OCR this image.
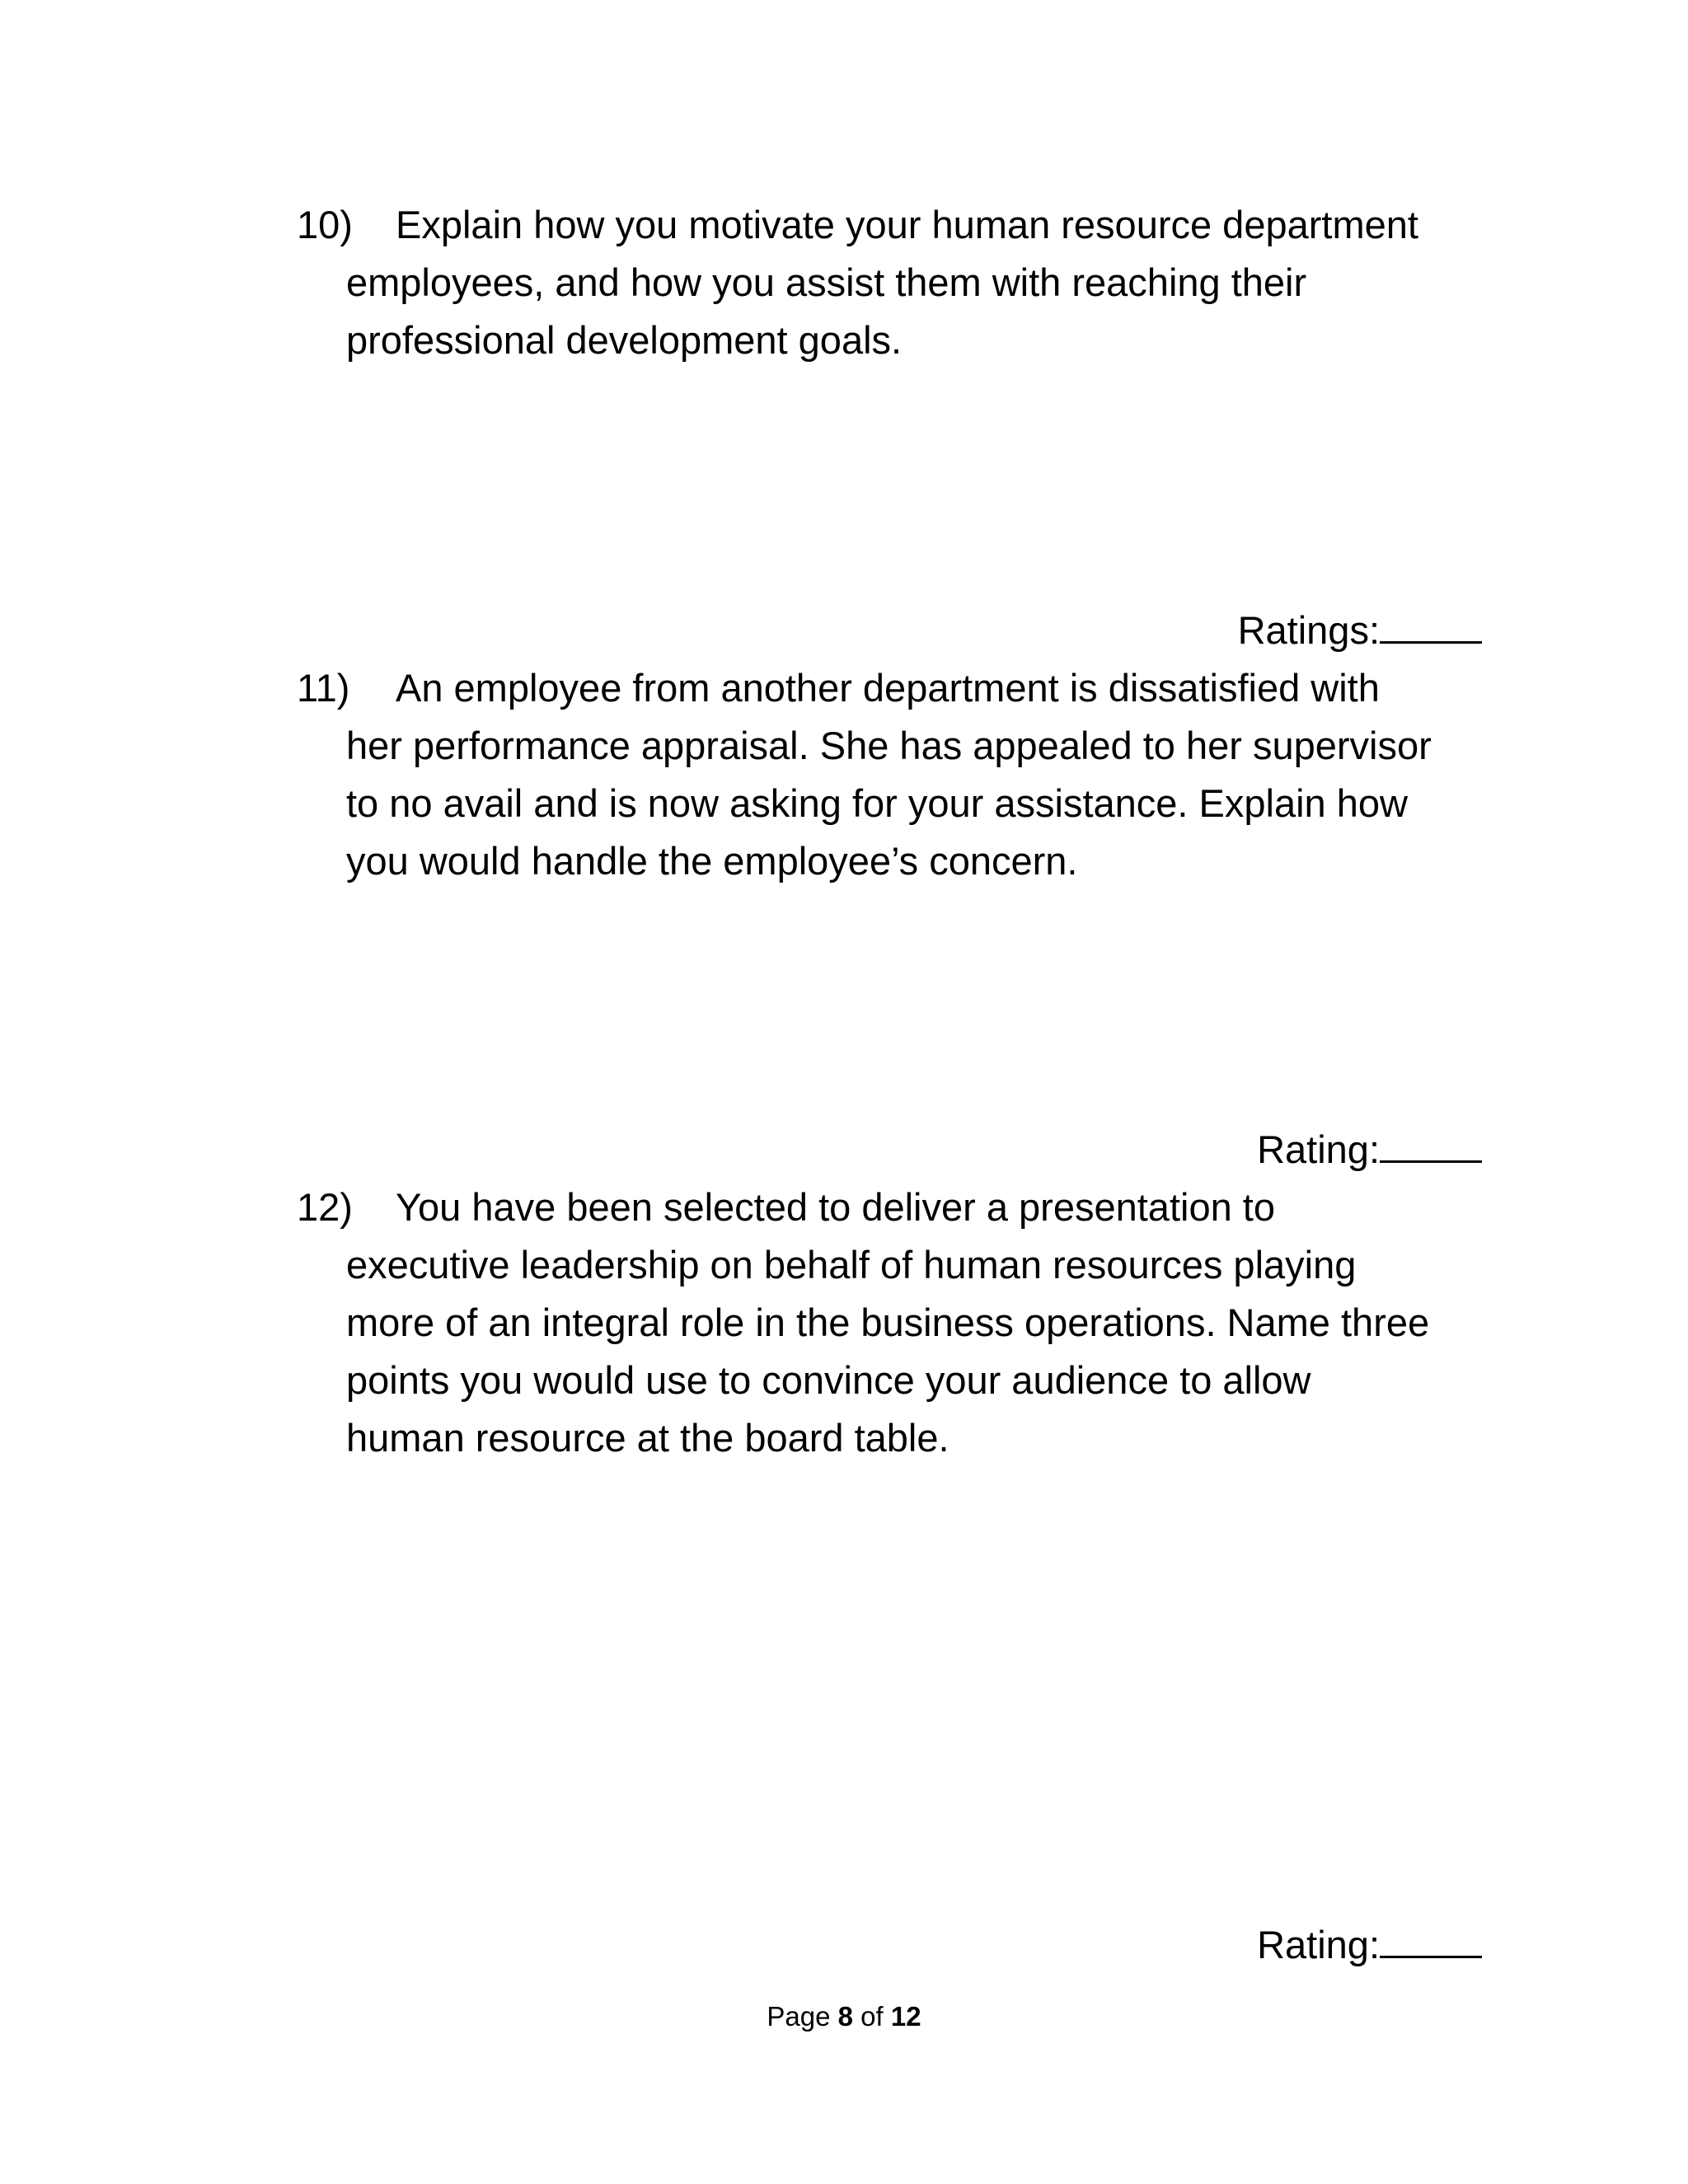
10) Explain how you motivate your human resource department
employees, and how you assist them with reaching their
professional development goals.
Ratings:
11) An employee from another department is dissatisfied with
her performance appraisal. She has appealed to her supervisor
to no avail and is now asking for your assistance. Explain how
you would handle the employee’s concern.
Rating:
12) You have been selected to deliver a presentation to
executive leadership on behalf of human resources playing
more of an integral role in the business operations. Name three
points you would use to convince your audience to allow
human resource at the board table.
Rating:
Page 8 of 12
